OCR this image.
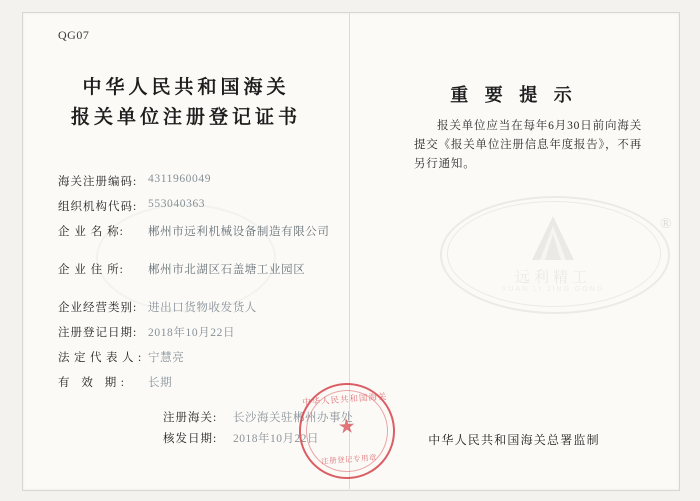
QG07
远利精工
YUAN LI JING GONG
®
中华人民共和国海关
报关单位注册登记证书
海关注册编码: 4311960049
组织机构代码: 553040363
企 业 名 称: 郴州市远利机械设备制造有限公司
企 业 住 所: 郴州市北湖区石盖塘工业园区
企业经营类别: 进出口货物收发货人
注册登记日期: 2018年10月22日
法定代表人: 宁慧亮
有 效 期: 长期
注册海关: 长沙海关驻郴州办事处
核发日期: 2018年10月22日
中华人民共和国海关
★
注册登记专用章
重 要 提 示
报关单位应当在每年6月30日前向海关提交《报关单位注册信息年度报告》，不再另行通知。
中华人民共和国海关总署监制
